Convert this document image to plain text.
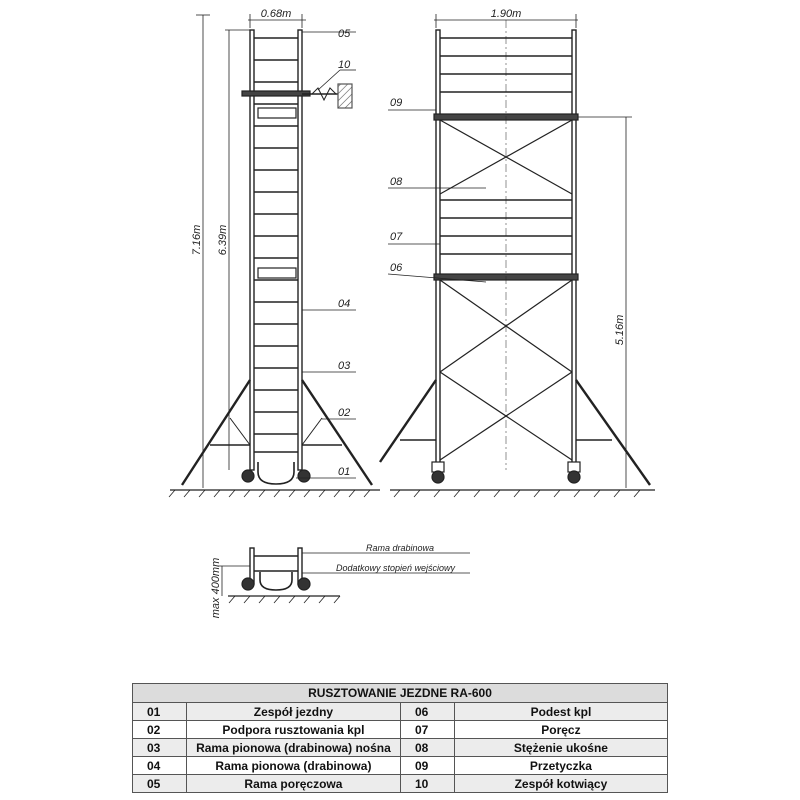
0.68m	1.90m
7.16m 6.39m
5.16m
max 400mm
05
10
04
03
02
01
09
08
07
06
Rama drabinowa
Dodatkowy stopień wejściowy
RUSZTOWANIE JEZDNE RA-600			
01	Zespół jezdny	06	Podest kpl
02	Podpora rusztowania kpl	07	Poręcz
03	Rama pionowa (drabinowa) nośna	08	Stężenie ukośne
04	Rama pionowa (drabinowa)	09	Przetyczka
05	Rama poręczowa	10	Zespół kotwiący
